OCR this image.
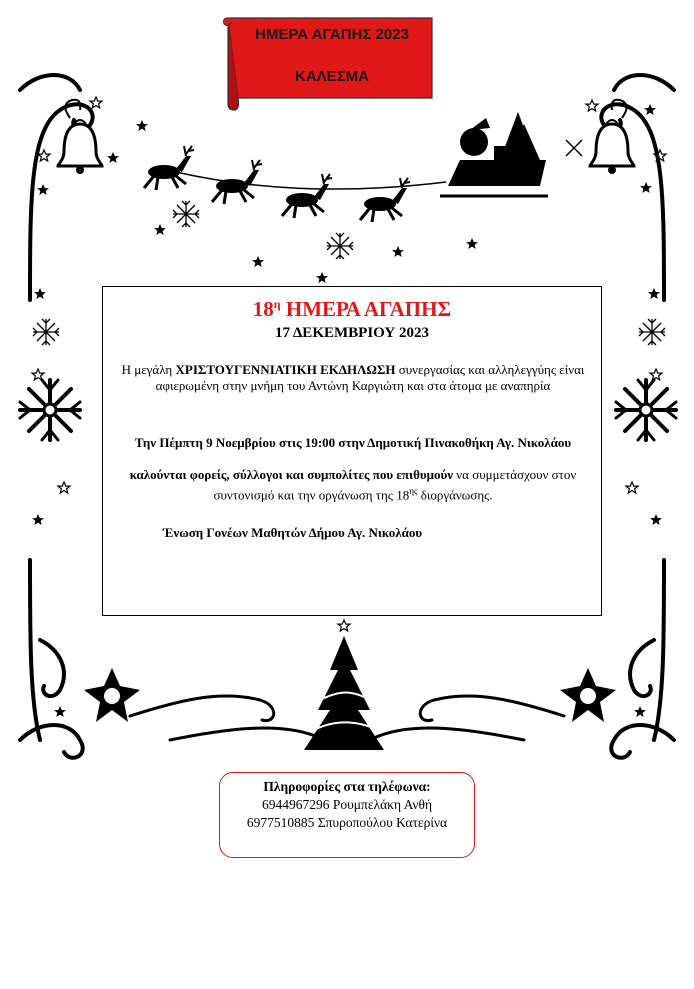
ΗΜΕΡΑ ΑΓΑΠΗΣ 2023
ΚΑΛΕΣΜΑ
$18^\eta$ ΗΜΕΡΑ ΑΓΑΠΗΣ
17 ΔΕΚΕΜΒΡΙΟΥ 2023
Η μεγάλη ΧΡΙΣΤΟΥΓΕΝΝΙΑΤΙΚΗ ΕΚΔΗΛΩΣΗ συνεργασίας και αλληλεγγύης είναι αφιερωμένη στην μνήμη του Αντώνη Καργιώτη και στα άτομα με αναπηρία
Την Πέμπτη 9 Νοεμβρίου στις 19:00 στην Δημοτική Πινακοθήκη Αγ. Νικολάου
καλούνται φορείς, σύλλογοι και συμπολίτες που επιθυμούν να συμμετάσχουν στον συντονισμό και την οργάνωση της $18^{\eta\varsigma}$ διοργάνωσης.
Ένωση Γονέων Μαθητών Δήμου Αγ. Νικολάου
Πληροφορίες στα τηλέφωνα:
6944967296 Ρουμπελάκη Ανθή
6977510885 Σπυροπούλου Κατερίνα
